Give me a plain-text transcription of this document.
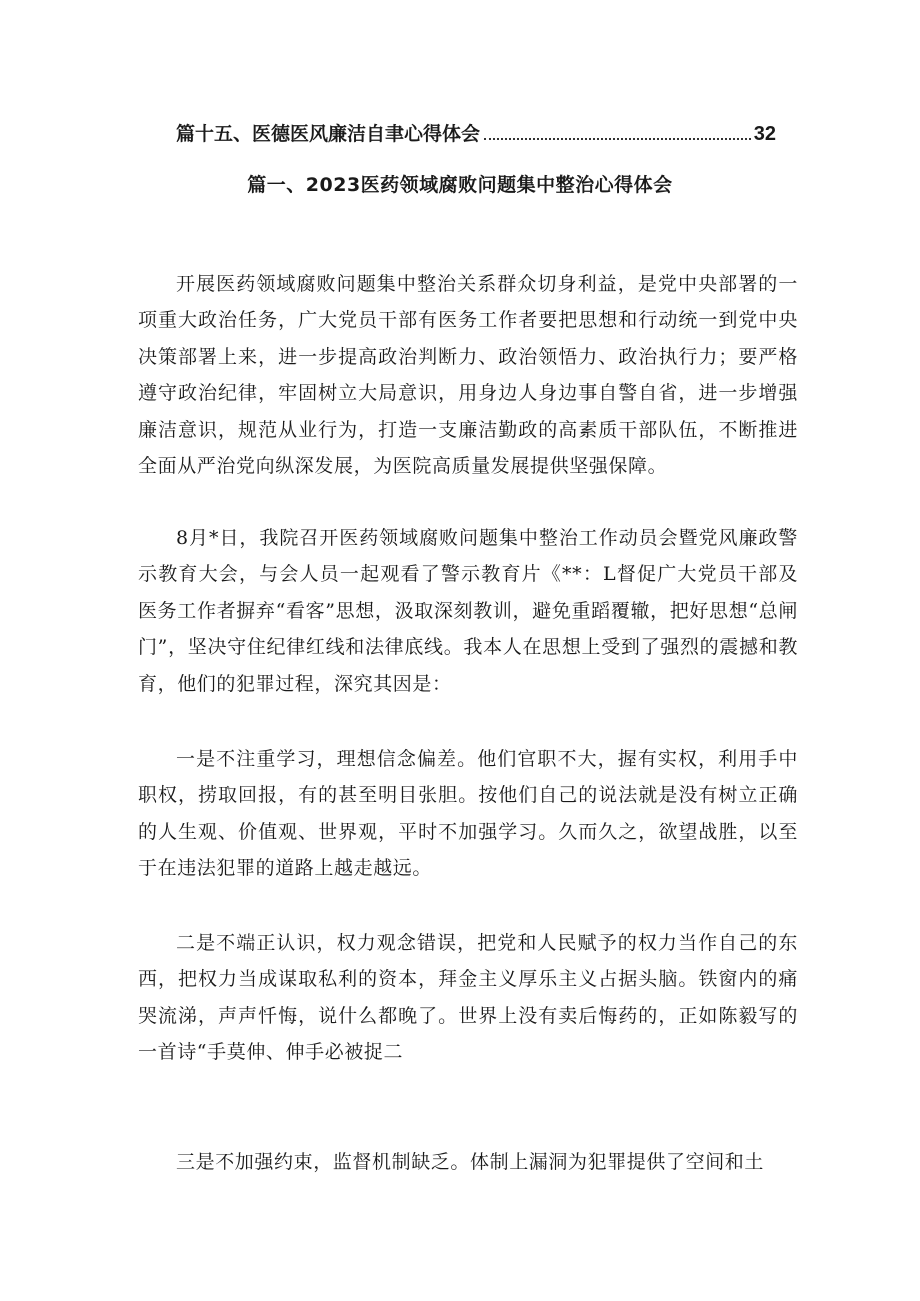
篇十五、医德医风廉洁自聿心得体会	32
篇一、2023医药领域腐败问题集中整治心得体会

开展医药领域腐败问题集中整治关系群众切身利益，是党中央部署的一项重大政治任务，广大党员干部有医务工作者要把思想和行动统一到党中央决策部署上来，进一步提高政治判断力、政治领悟力、政治执行力；要严格遵守政治纪律，牢固树立大局意识，用身边人身边事自警自省，进一步增强廉洁意识，规范从业行为，打造一支廉洁勤政的高素质干部队伍，不断推进全面从严治党向纵深发展，为医院高质量发展提供坚强保障。

8月*日，我院召开医药领域腐败问题集中整治工作动员会暨党风廉政警示教育大会，与会人员一起观看了警示教育片《**：L督促广大党员干部及医务工作者摒弃“看客”思想，汲取深刻教训，避免重蹈覆辙，把好思想“总闸门”，坚决守住纪律红线和法律底线。我本人在思想上受到了强烈的震撼和教育，他们的犯罪过程，深究其因是：

一是不注重学习，理想信念偏差。他们官职不大，握有实权，利用手中职权，捞取回报，有的甚至明目张胆。按他们自己的说法就是没有树立正确的人生观、价值观、世界观，平时不加强学习。久而久之，欲望战胜，以至于在违法犯罪的道路上越走越远。

二是不端正认识，权力观念错误，把党和人民赋予的权力当作自己的东西，把权力当成谋取私利的资本，拜金主义厚乐主义占据头脑。铁窗内的痛哭流涕，声声忏悔，说什么都晚了。世界上没有卖后悔药的，正如陈毅写的一首诗“手莫伸、伸手必被捉二

三是不加强约束，监督机制缺乏。体制上漏洞为犯罪提供了空间和土
